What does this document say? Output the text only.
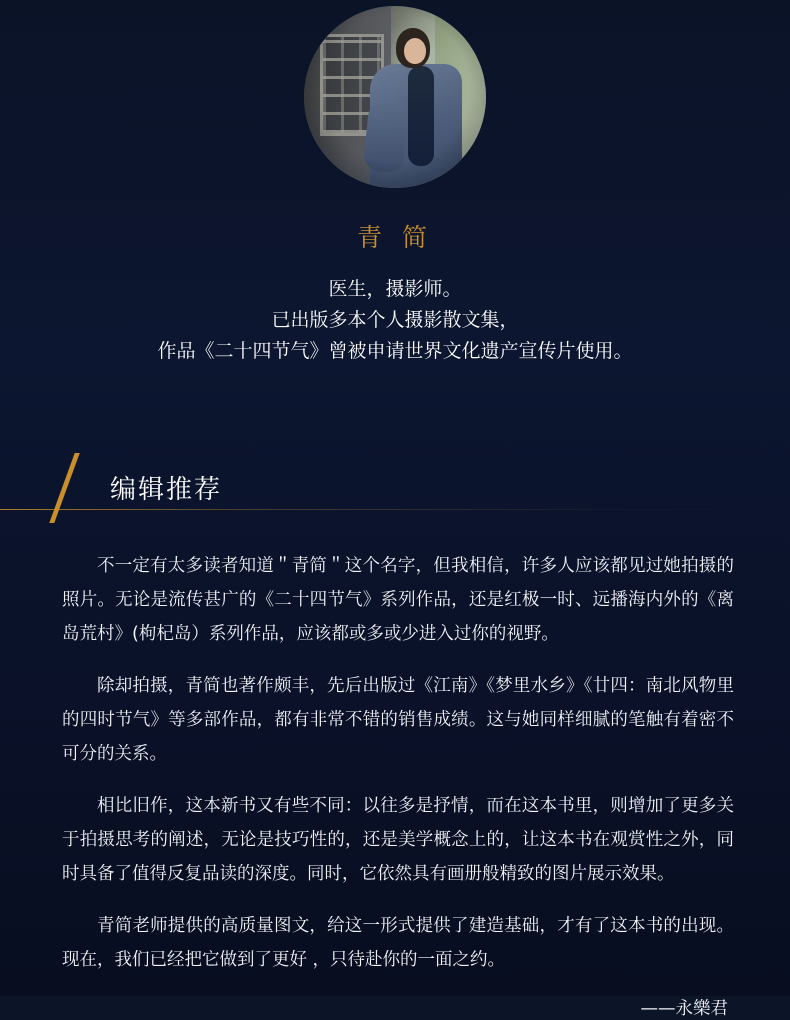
青 简
医生，摄影师。
已出版多本个人摄影散文集，
作品《二十四节气》曾被申请世界文化遗产宣传片使用。
编辑推荐

不一定有太多读者知道＂青简＂这个名字，但我相信，许多人应该都见过她拍摄的照片。无论是流传甚广的《二十四节气》系列作品，还是红极一时、远播海内外的《离岛荒村》(枸杞岛）系列作品，应该都或多或少进入过你的视野。

除却拍摄，青简也著作颇丰，先后出版过《江南》《梦里水乡》《廿四：南北风物里的四时节气》等多部作品，都有非常不错的销售成绩。这与她同样细腻的笔触有着密不可分的关系。

相比旧作，这本新书又有些不同：以往多是抒情，而在这本书里，则增加了更多关于拍摄思考的阐述，无论是技巧性的，还是美学概念上的，让这本书在观赏性之外，同时具备了值得反复品读的深度。同时，它依然具有画册般精致的图片展示效果。

青简老师提供的高质量图文，给这一形式提供了建造基础，才有了这本书的出现。现在，我们已经把它做到了更好 ，只待赴你的一面之约。

——永樂君
